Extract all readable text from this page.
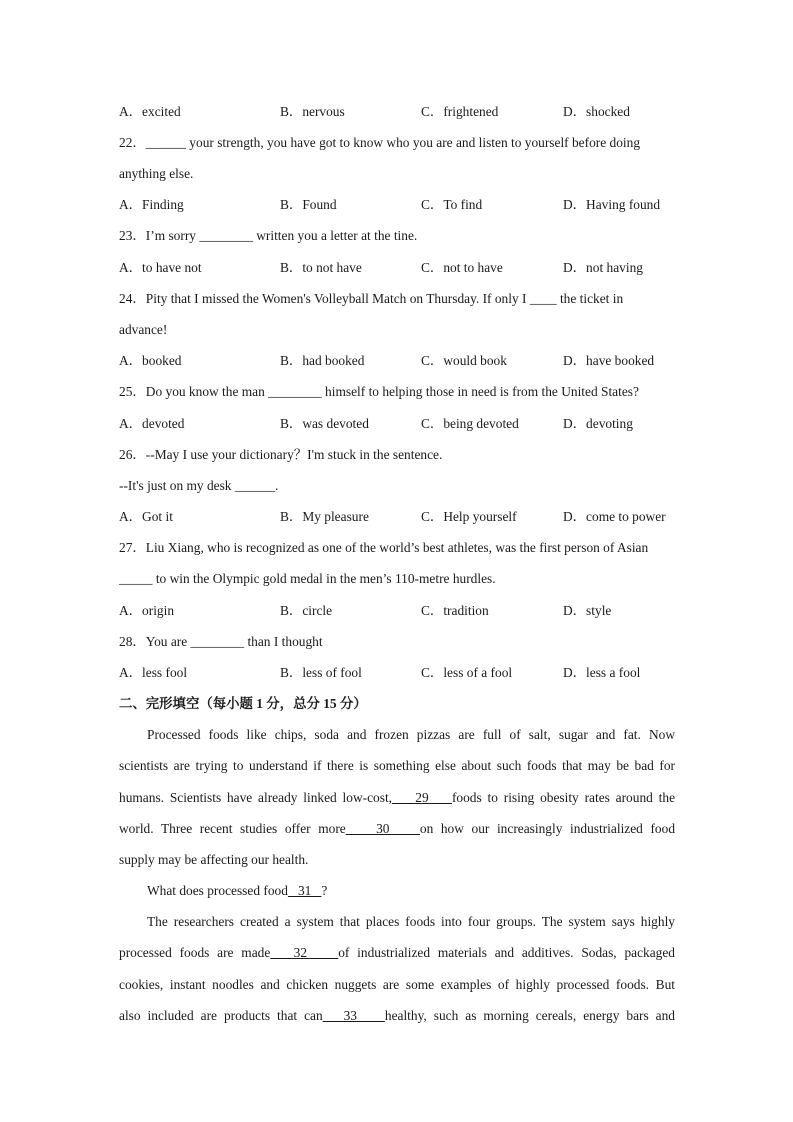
A．excited	B．nervous	C．frightened	D．shocked
22．______ your strength, you have got to know who you are and listen to yourself before doing
anything else.
A．Finding	B．Found	C．To find	D．Having found
23．I’m sorry ________ written you a letter at the tine.
A．to have not	B．to not have	C．not to have	D．not having
24．Pity that I missed the Women's Volleyball Match on Thursday. If only I ____ the ticket in
advance!
A．booked	B．had booked	C．would book	D．have booked
25．Do you know the man ________ himself to helping those in need is from the United States?
A．devoted	B．was devoted	C．being devoted	D．devoting
26．--May I use your dictionary？I'm stuck in the sentence.
--It's just on my desk ______.
A．Got it	B．My pleasure	C．Help yourself	D．come to power
27．Liu Xiang, who is recognized as one of the world’s best athletes, was the first person of Asian
_____ to win the Olympic gold medal in the men’s 110-metre hurdles.
A．origin	B．circle	C．tradition	D．style
28．You are ________ than I thought
A．less fool	B．less of fool	C．less of a fool	D．less a fool
二、完形填空（每小题 1 分，总分 15 分）
Processed foods like chips, soda and frozen pizzas are full of salt, sugar and fat. Now
scientists are trying to understand if there is something else about such foods that may be bad for
humans. Scientists have already linked low-cost,    29    foods to rising obesity rates around the
world. Three recent studies offer more    30    on how our increasingly industrialized food
supply may be affecting our health.
What does processed food   31   ?
The researchers created a system that places foods into four groups. The system says highly
processed foods are made   32    of industrialized materials and additives. Sodas, packaged
cookies, instant noodles and chicken nuggets are some examples of highly processed foods. But
also included are products that can   33    healthy, such as morning cereals, energy bars and
